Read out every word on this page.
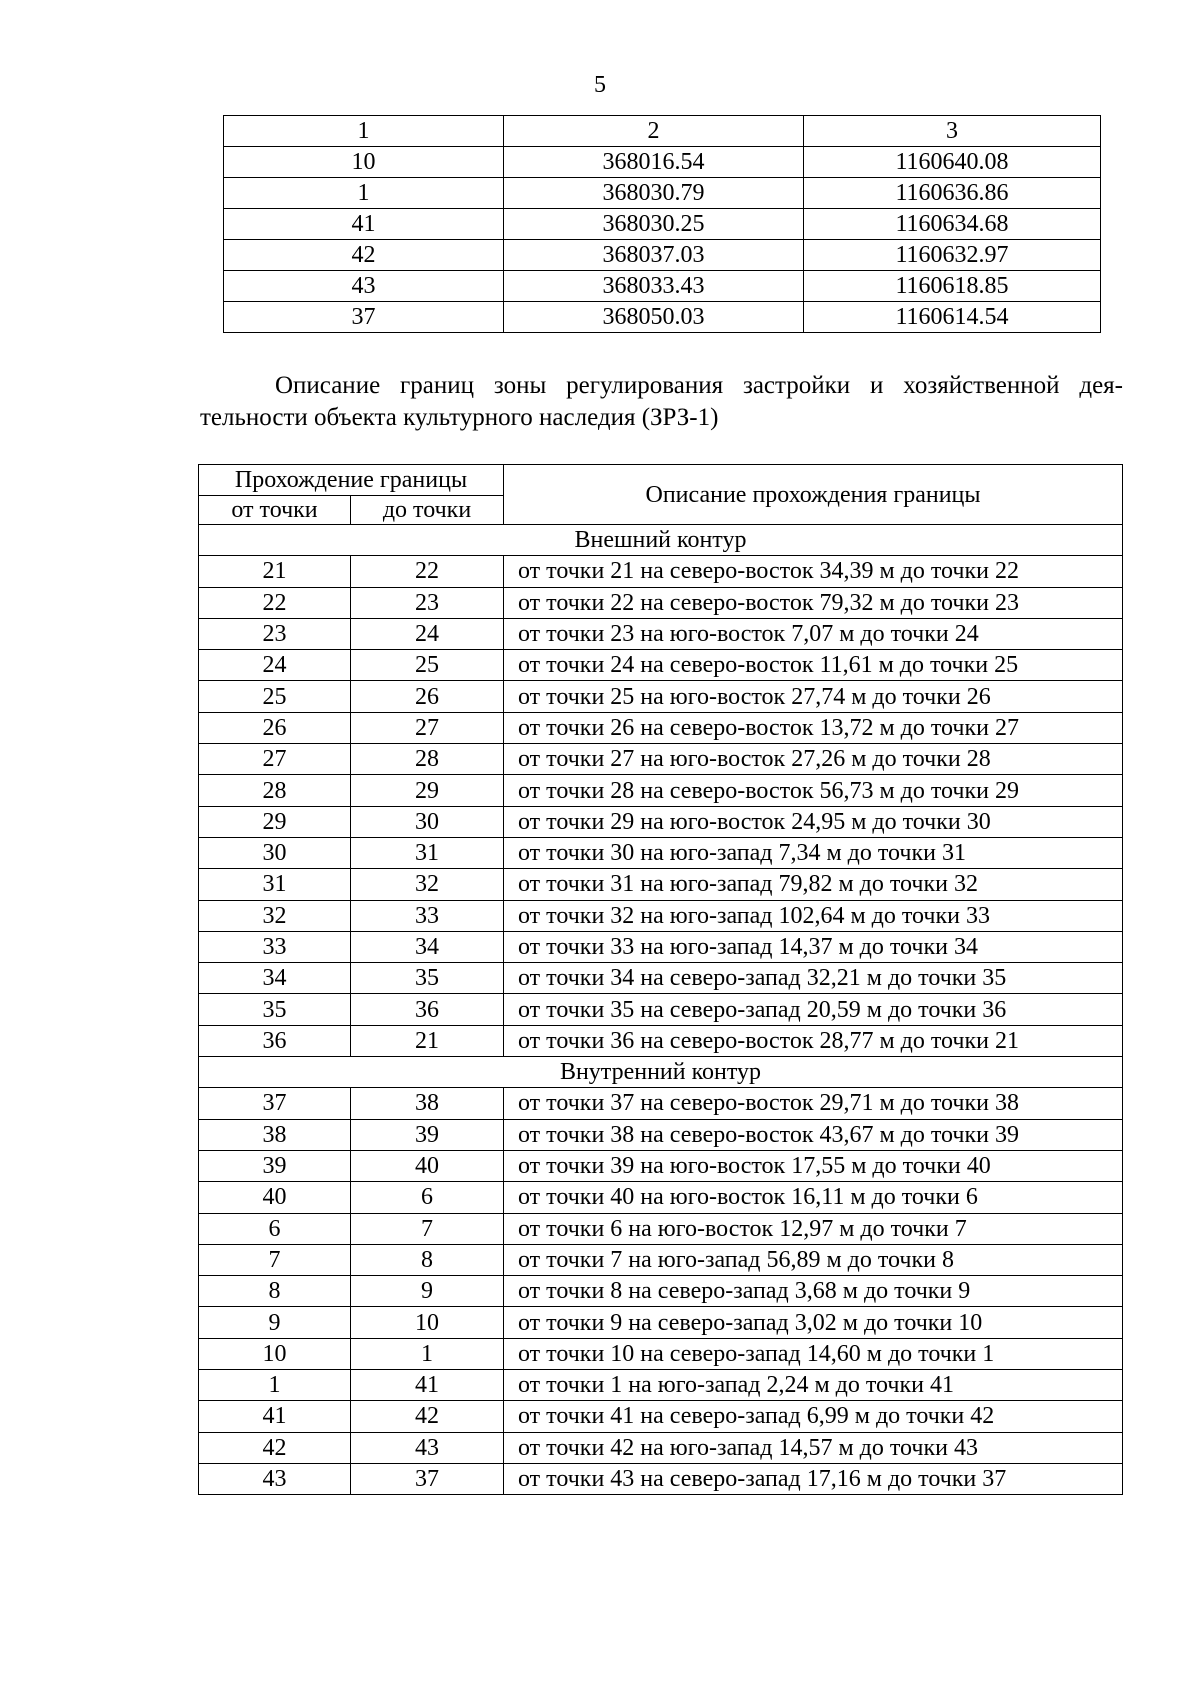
5
1	2	3
10	368016.54	1160640.08
1	368030.79	1160636.86
41	368030.25	1160634.68
42	368037.03	1160632.97
43	368033.43	1160618.85
37	368050.03	1160614.54
Описание границ зоны регулирования застройки и хозяйственной дея-тельности объекта культурного наследия (ЗРЗ-1)
Прохождение границы		Описание прохождения границы
от точки	до точки	
Внешний контур		
21	22	от точки 21 на северо-восток 34,39 м до точки 22
22	23	от точки 22 на северо-восток 79,32 м до точки 23
23	24	от точки 23 на юго-восток 7,07 м до точки 24
24	25	от точки 24 на северо-восток 11,61 м до точки 25
25	26	от точки 25 на юго-восток 27,74 м до точки 26
26	27	от точки 26 на северо-восток 13,72 м до точки 27
27	28	от точки 27 на юго-восток 27,26 м до точки 28
28	29	от точки 28 на северо-восток 56,73 м до точки 29
29	30	от точки 29 на юго-восток 24,95 м до точки 30
30	31	от точки 30 на юго-запад 7,34 м до точки 31
31	32	от точки 31 на юго-запад 79,82 м до точки 32
32	33	от точки 32 на юго-запад 102,64 м до точки 33
33	34	от точки 33 на юго-запад 14,37 м до точки 34
34	35	от точки 34 на северо-запад 32,21 м до точки 35
35	36	от точки 35 на северо-запад 20,59 м до точки 36
36	21	от точки 36 на северо-восток 28,77 м до точки 21
Внутренний контур		
37	38	от точки 37 на северо-восток 29,71 м до точки 38
38	39	от точки 38 на северо-восток 43,67 м до точки 39
39	40	от точки 39 на юго-восток 17,55 м до точки 40
40	6	от точки 40 на юго-восток 16,11 м до точки 6
6	7	от точки 6 на юго-восток 12,97 м до точки 7
7	8	от точки 7 на юго-запад 56,89 м до точки 8
8	9	от точки 8 на северо-запад 3,68 м до точки 9
9	10	от точки 9 на северо-запад 3,02 м до точки 10
10	1	от точки 10 на северо-запад 14,60 м до точки 1
1	41	от точки 1 на юго-запад 2,24 м до точки 41
41	42	от точки 41 на северо-запад 6,99 м до точки 42
42	43	от точки 42 на юго-запад 14,57 м до точки 43
43	37	от точки 43 на северо-запад 17,16 м до точки 37
